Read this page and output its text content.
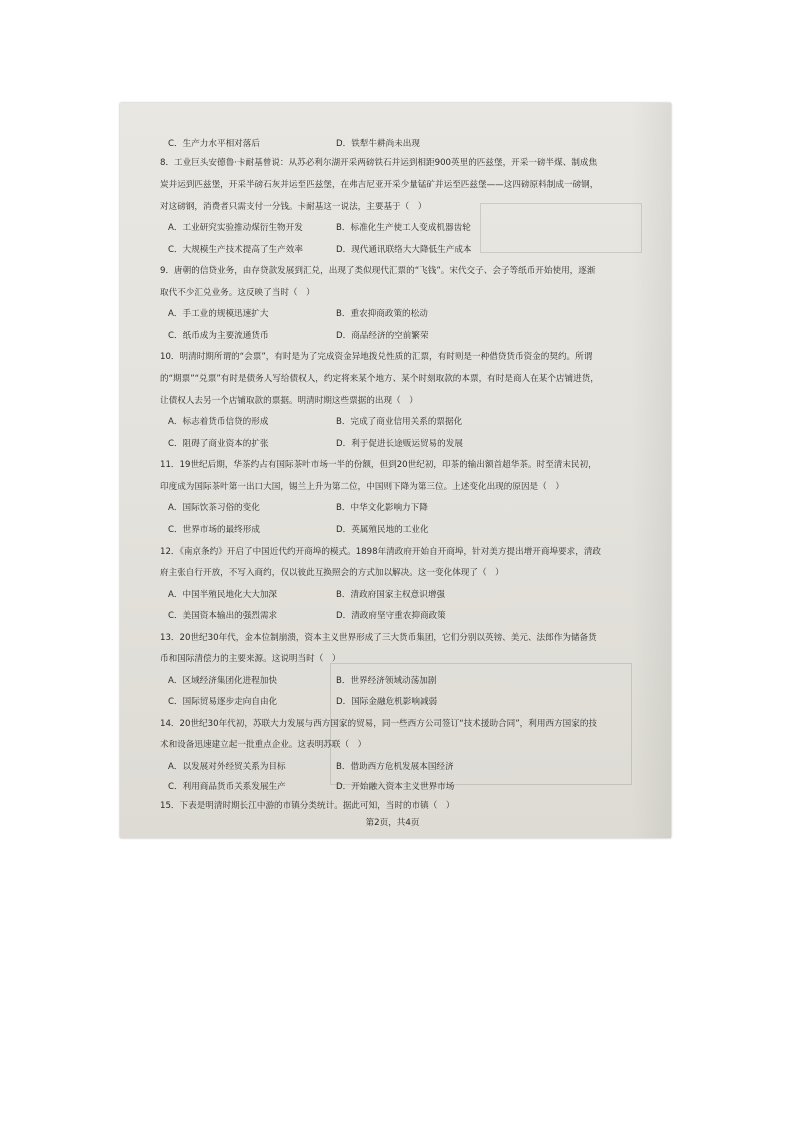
C．生产力水平相对落后	D．铁犁牛耕尚未出现
8．工业巨头安德鲁·卡耐基曾说：从苏必利尔湖开采两磅铁石并运到相距900英里的匹兹堡，开采一磅半煤、制成焦
炭并运到匹兹堡，开采半磅石灰并运至匹兹堡，在弗吉尼亚开采少量锰矿并运至匹兹堡——这四磅原料制成一磅钢，
对这磅钢，消费者只需支付一分钱。卡耐基这一说法，主要基于（　）
A．工业研究实验推动煤衍生物开发	B．标准化生产使工人变成机器齿轮
C．大规模生产技术提高了生产效率	D．现代通讯联络大大降低生产成本
9．唐朝的信贷业务，由存贷款发展到汇兑，出现了类似现代汇票的“飞钱”。宋代交子、会子等纸币开始使用，逐渐
取代不少汇兑业务。这反映了当时（　）
A．手工业的规模迅速扩大	B．重农抑商政策的松动
C．纸币成为主要流通货币	D．商品经济的空前繁荣
10．明清时期所谓的“会票”，有时是为了完成资金异地拨兑性质的汇票，有时则是一种借贷货币资金的契约。所谓
的“期票”“兑票”有时是债务人写给债权人，约定将来某个地方、某个时刻取款的本票，有时是商人在某个店铺进货，
让债权人去另一个店铺取款的票据。明清时期这些票据的出现（　）
A．标志着货币信贷的形成	B．完成了商业信用关系的票据化
C．阻碍了商业资本的扩张	D．利于促进长途贩运贸易的发展
11．19世纪后期，华茶约占有国际茶叶市场一半的份额，但到20世纪初，印茶的输出额首超华茶。时至清末民初，
印度成为国际茶叶第一出口大国，锡兰上升为第二位，中国则下降为第三位。上述变化出现的原因是（　）
A．国际饮茶习俗的变化	B．中华文化影响力下降
C．世界市场的最终形成	D．英属殖民地的工业化
12．《南京条约》开启了中国近代约开商埠的模式。1898年清政府开始自开商埠，针对美方提出增开商埠要求，清政
府主张自行开放，不写入商约，仅以彼此互换照会的方式加以解决。这一变化体现了（　）
A．中国半殖民地化大大加深	B．清政府国家主权意识增强
C．美国资本输出的强烈需求	D．清政府坚守重农抑商政策
13．20世纪30年代，金本位制崩溃，资本主义世界形成了三大货币集团，它们分别以英镑、美元、法郎作为储备货
币和国际清偿力的主要来源。这说明当时（　）
A．区域经济集团化进程加快	B．世界经济领域动荡加剧
C．国际贸易逐步走向自由化	D．国际金融危机影响减弱
14．20世纪30年代初，苏联大力发展与西方国家的贸易，同一些西方公司签订“技术援助合同”，利用西方国家的技
术和设备迅速建立起一批重点企业。这表明苏联（　）
A．以发展对外经贸关系为目标	B．借助西方危机发展本国经济
C．利用商品货币关系发展生产	D．开始融入资本主义世界市场
15．下表是明清时期长江中游的市镇分类统计。据此可知，当时的市镇（　）
第2页，共4页
